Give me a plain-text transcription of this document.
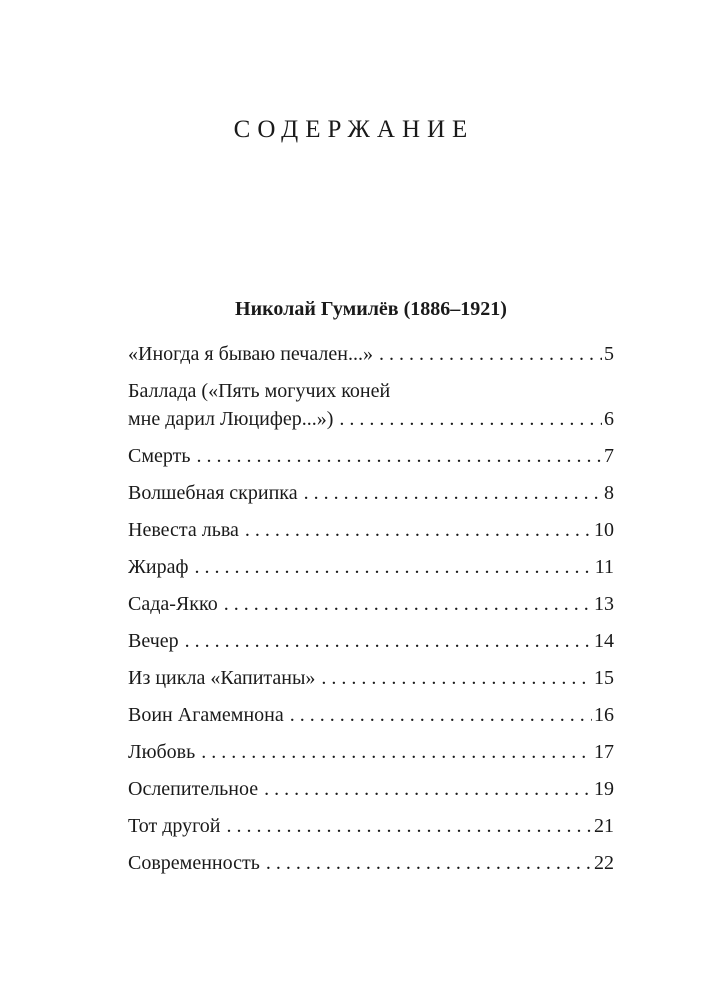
СОДЕРЖАНИЕ
Николай Гумилёв (1886–1921)
«Иногда я бываю печален...» . . .	5
Баллада («Пять могучих коней
мне дарил Люцифер...») . . .	6
Смерть . . .	7
Волшебная скрипка . . .	8
Невеста льва . . .	10
Жираф . . .	11
Сада-Якко . . .	13
Вечер . . .	14
Из цикла «Капитаны» . . .	15
Воин Агамемнона . . .	16
Любовь . . .	17
Ослепительное . . .	19
Тот другой . . .	21
Современность . . .	22
